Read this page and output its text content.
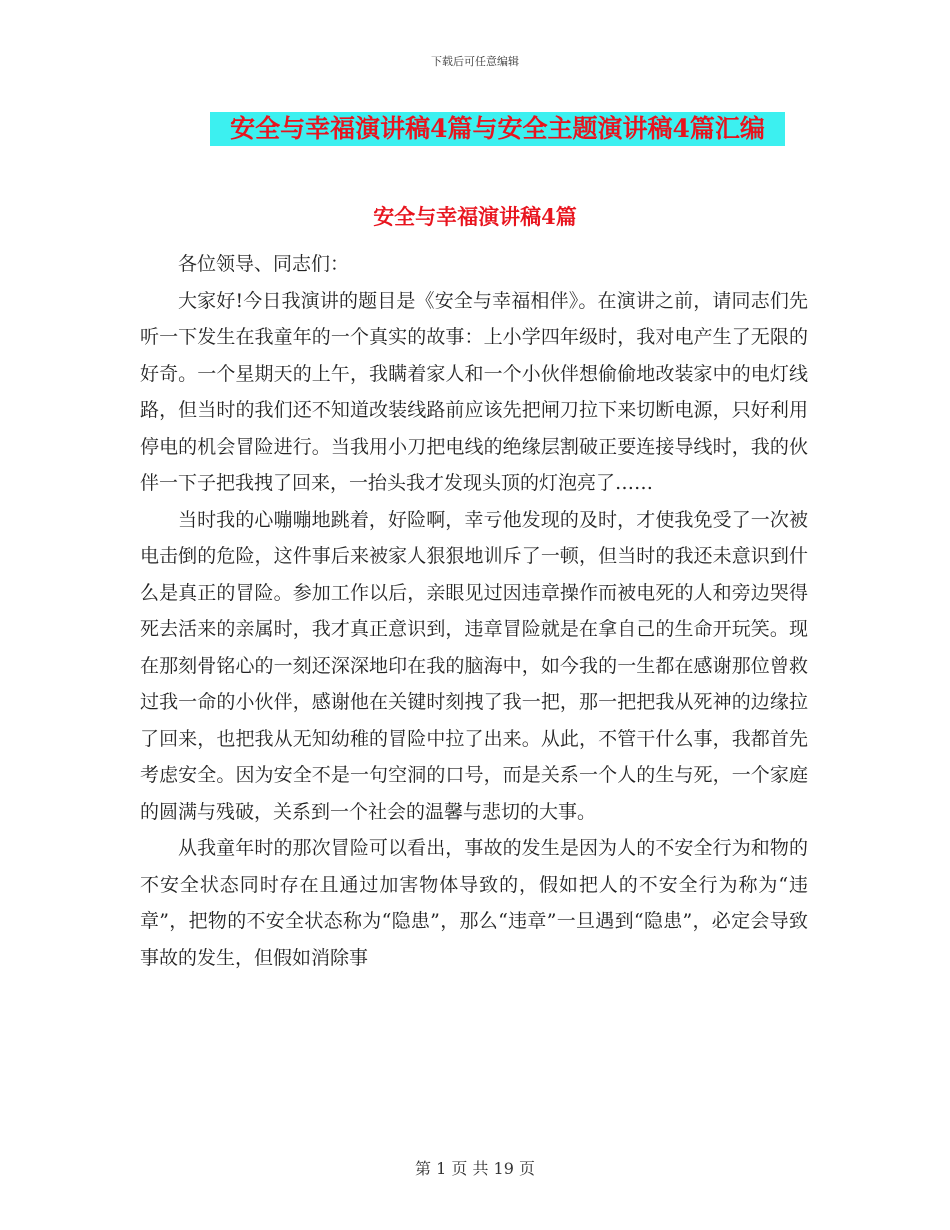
下载后可任意编辑
安全与幸福演讲稿4篇与安全主题演讲稿4篇汇编
安全与幸福演讲稿4篇

各位领导、同志们：

大家好!今日我演讲的题目是《安全与幸福相伴》。在演讲之前，请同志们先听一下发生在我童年的一个真实的故事：上小学四年级时，我对电产生了无限的好奇。一个星期天的上午，我瞒着家人和一个小伙伴想偷偷地改装家中的电灯线路，但当时的我们还不知道改装线路前应该先把闸刀拉下来切断电源，只好利用停电的机会冒险进行。当我用小刀把电线的绝缘层割破正要连接导线时，我的伙伴一下子把我拽了回来，一抬头我才发现头顶的灯泡亮了……

当时我的心嘣嘣地跳着，好险啊，幸亏他发现的及时，才使我免受了一次被电击倒的危险，这件事后来被家人狠狠地训斥了一顿，但当时的我还未意识到什么是真正的冒险。参加工作以后，亲眼见过因违章操作而被电死的人和旁边哭得死去活来的亲属时，我才真正意识到，违章冒险就是在拿自己的生命开玩笑。现在那刻骨铭心的一刻还深深地印在我的脑海中，如今我的一生都在感谢那位曾救过我一命的小伙伴，感谢他在关键时刻拽了我一把，那一把把我从死神的边缘拉了回来，也把我从无知幼稚的冒险中拉了出来。从此，不管干什么事，我都首先考虑安全。因为安全不是一句空洞的口号，而是关系一个人的生与死，一个家庭的圆满与残破，关系到一个社会的温馨与悲切的大事。

从我童年时的那次冒险可以看出，事故的发生是因为人的不安全行为和物的不安全状态同时存在且通过加害物体导致的，假如把人的不安全行为称为“违章”，把物的不安全状态称为“隐患”，那么“违章”一旦遇到“隐患”，必定会导致事故的发生，但假如消除事

第 1 页 共 19 页
